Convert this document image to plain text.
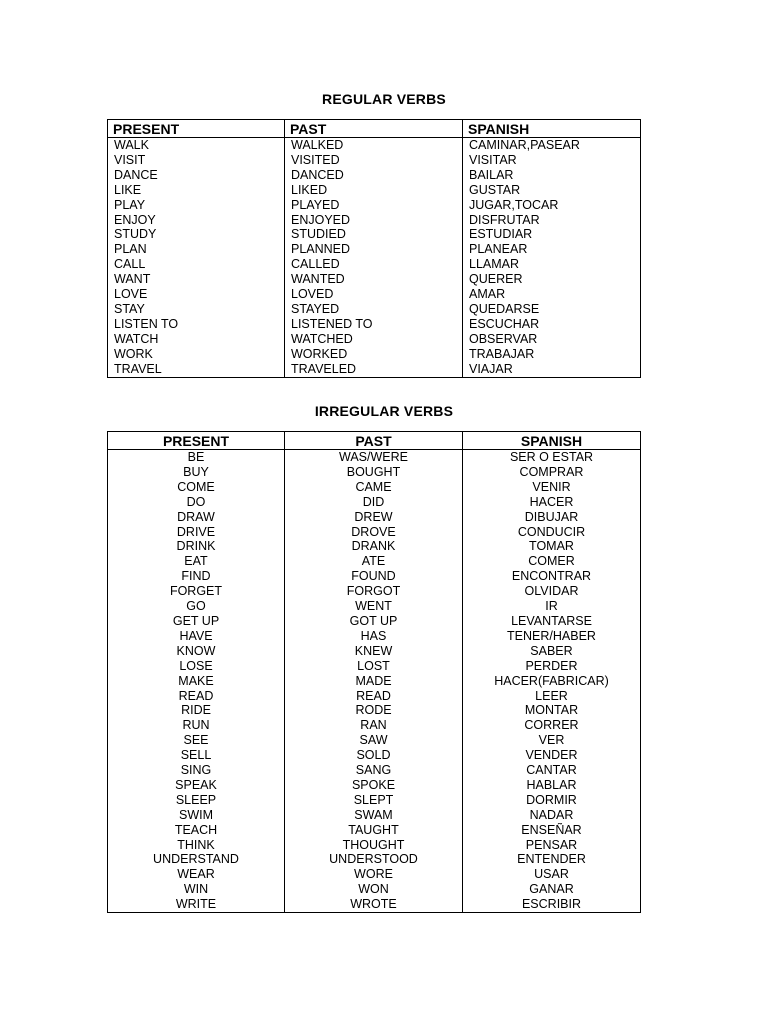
REGULAR VERBS
PRESENT	PAST	SPANISH
WALK	WALKED	CAMINAR,PASEAR
VISIT	VISITED	VISITAR
DANCE	DANCED	BAILAR
LIKE	LIKED	GUSTAR
PLAY	PLAYED	JUGAR,TOCAR
ENJOY	ENJOYED	DISFRUTAR
STUDY	STUDIED	ESTUDIAR
PLAN	PLANNED	PLANEAR
CALL	CALLED	LLAMAR
WANT	WANTED	QUERER
LOVE	LOVED	AMAR
STAY	STAYED	QUEDARSE
LISTEN TO	LISTENED TO	ESCUCHAR
WATCH	WATCHED	OBSERVAR
WORK	WORKED	TRABAJAR
TRAVEL	TRAVELED	VIAJAR
IRREGULAR VERBS
PRESENT	PAST	SPANISH
BE	WAS/WERE	SER O ESTAR
BUY	BOUGHT	COMPRAR
COME	CAME	VENIR
DO	DID	HACER
DRAW	DREW	DIBUJAR
DRIVE	DROVE	CONDUCIR
DRINK	DRANK	TOMAR
EAT	ATE	COMER
FIND	FOUND	ENCONTRAR
FORGET	FORGOT	OLVIDAR
GO	WENT	IR
GET UP	GOT UP	LEVANTARSE
HAVE	HAS	TENER/HABER
KNOW	KNEW	SABER
LOSE	LOST	PERDER
MAKE	MADE	HACER(FABRICAR)
READ	READ	LEER
RIDE	RODE	MONTAR
RUN	RAN	CORRER
SEE	SAW	VER
SELL	SOLD	VENDER
SING	SANG	CANTAR
SPEAK	SPOKE	HABLAR
SLEEP	SLEPT	DORMIR
SWIM	SWAM	NADAR
TEACH	TAUGHT	ENSEÑAR
THINK	THOUGHT	PENSAR
UNDERSTAND	UNDERSTOOD	ENTENDER
WEAR	WORE	USAR
WIN	WON	GANAR
WRITE	WROTE	ESCRIBIR
